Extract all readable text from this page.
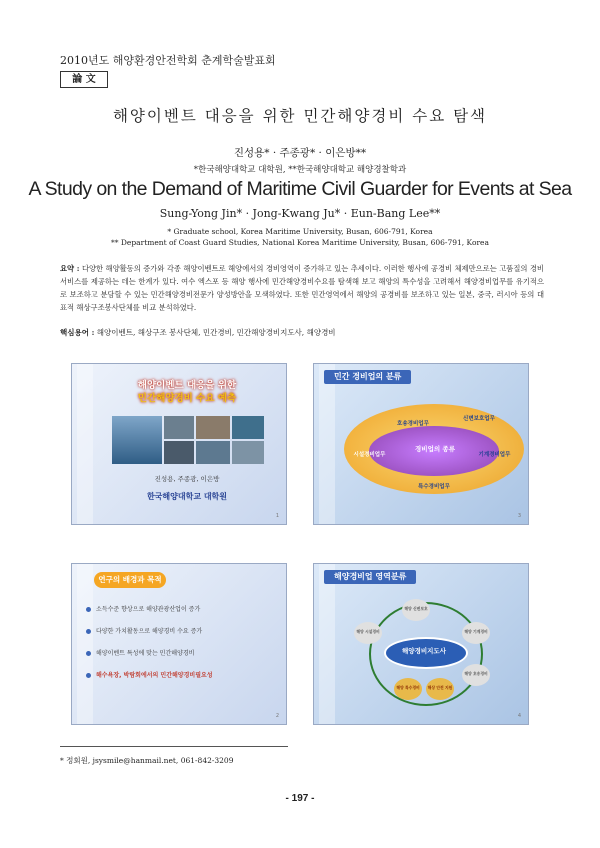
2010년도 해양환경안전학회 춘계학술발표회
論 文
해양이벤트 대응을 위한 민간해양경비 수요 탐색
진성용* · 주종광* · 이은방**
*한국해양대학교 대학원, **한국해양대학교 해양경찰학과
A Study on the Demand of Maritime Civil Guarder for Events at Sea
Sung-Yong Jin* · Jong-Kwang Ju* · Eun-Bang Lee**
* Graduate school, Korea Maritime University, Busan, 606-791, Korea
** Department of Coast Guard Studies, National Korea Maritime University, Busan, 606-791, Korea
요약 : 다양한 해양활동의 증가와 각종 해양이벤트로 해양에서의 경비영역이 증가하고 있는 추세이다. 이러한 행사에 공경비 체제만으로는 고품질의 경비 서비스를 제공하는 데는 한계가 있다. 여수 엑스포 등 해양 행사에 민간해양경비수요를 탐색해 보고 해양의 특수성을 고려해서 해양경비업무를 유기적으로 보조하고 분담할 수 있는 민간해양경비전문가 양성방안을 모색하였다. 또한 민간영역에서 해양의 공경비를 보조하고 있는 일본, 중국, 러시아 등의 대표적 해상구조봉사단체를 비교 분석하였다.
핵심용어 : 해양이벤트, 해상구조 봉사단체, 민간경비, 민간해양경비지도사, 해양경비
해양이벤트 대응을 위한
민간해양경비 수요 예측
진성용, 주종광, 이은방
한국해양대학교 대학원
1
민간 경비업의 분류
경비업의 종류
호송경비업무
신변보호업무
시설경비업무	기계경비업무
특수경비업무
3
연구의 배경과 목적
소득수준 향상으로 해양관광산업이 증가
다양한 가치활동으로 해양경비 수요 증가
해양이벤트 특성에 맞는 민간해양경비
해수욕장, 박람회에서의 민간해양경비필요성
2
해양경비업 영역분류
해양경비지도사
해양 신변보호
해양 시설경비	해양 기계경비
해양 호송경비
해양 특수경비	해상 안전 지원
4
* 정회원, jsysmile@hanmail.net, 061-842-3209
- 197 -
